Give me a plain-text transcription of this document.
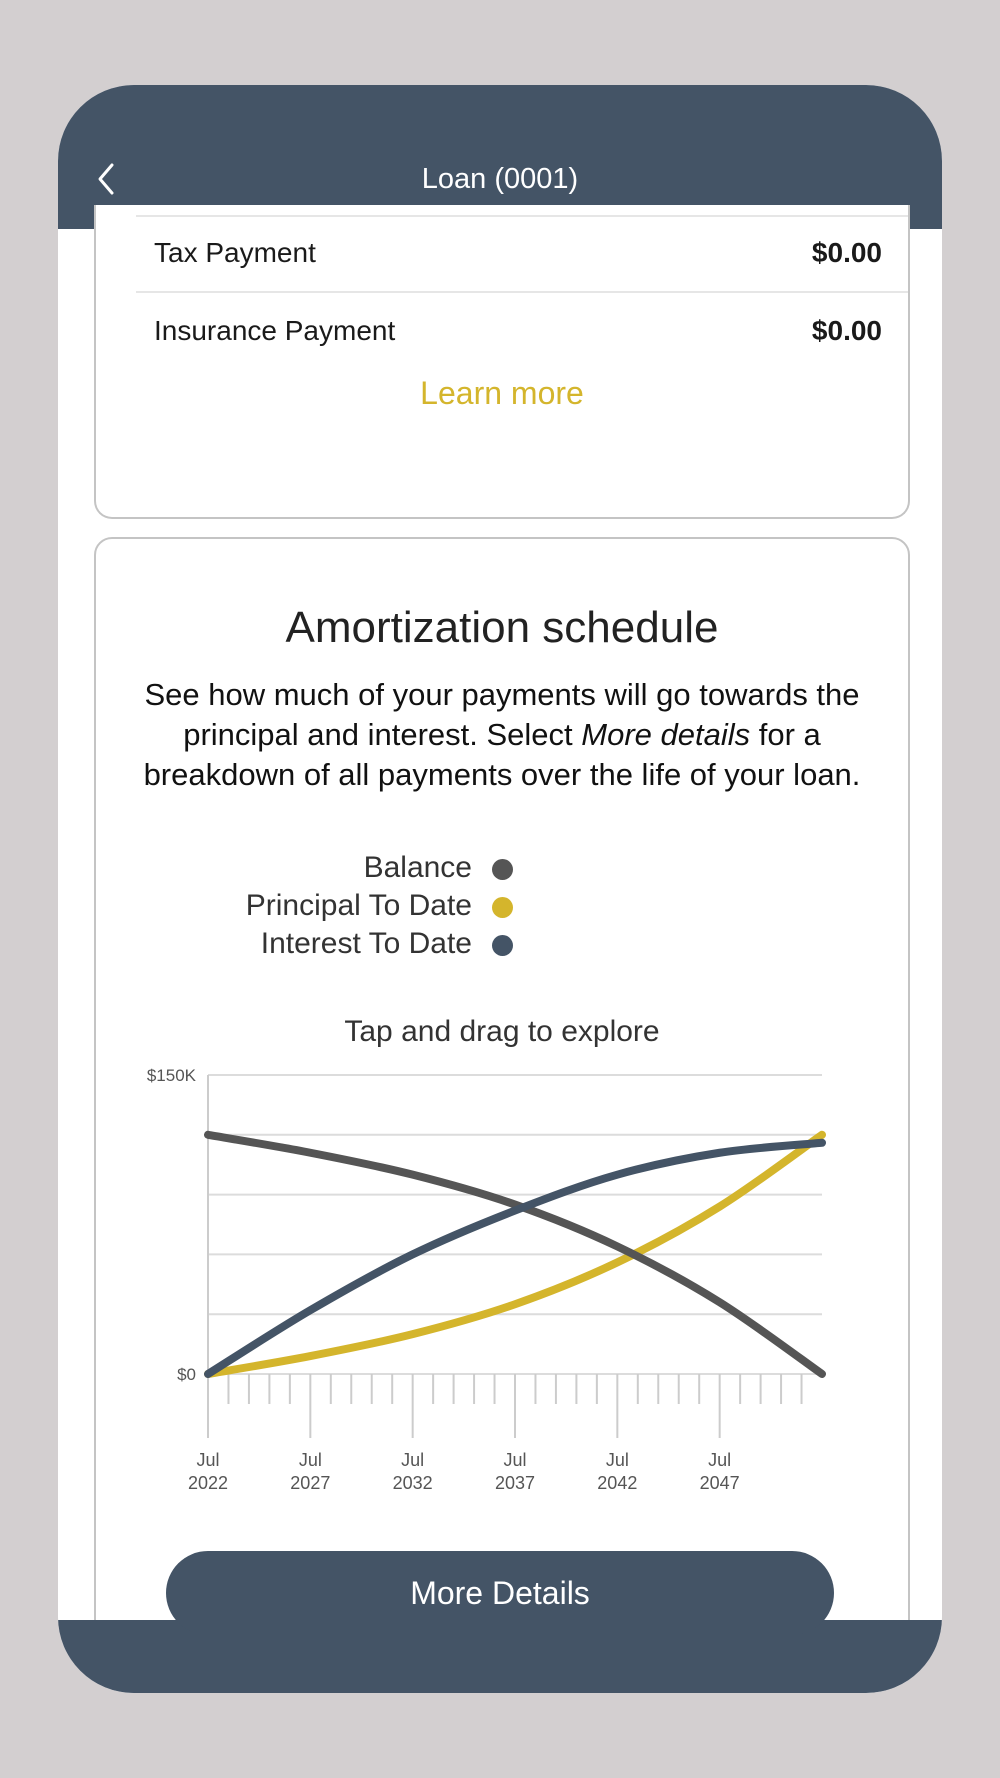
Loan (0001)
Tax Payment	$0.00
Insurance Payment	$0.00
Learn more
Amortization schedule
See how much of your payments will go towards the principal and interest. Select More details for a breakdown of all payments over the life of your loan.
Balance
Principal To Date
Interest To Date
Tap and drag to explore
$150K
$0
Jul
2022
Jul
2027
Jul
2032
Jul
2037
Jul
2042
Jul
2047
More Details
